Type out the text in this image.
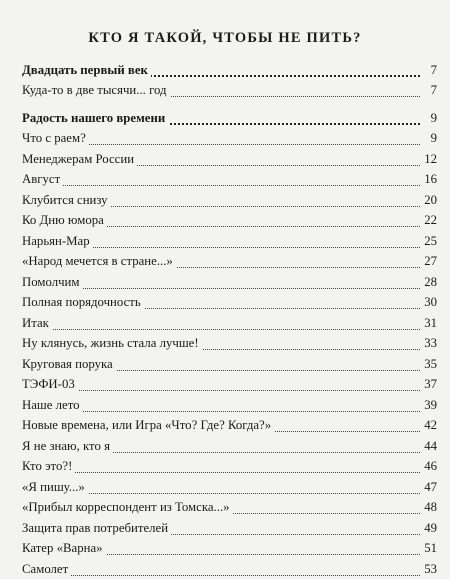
КТО Я ТАКОЙ, ЧТОБЫ НЕ ПИТЬ?
Двадцать первый век	7
Куда-то в две тысячи... год	7
Радость нашего времени	9
Что с раем?	9
Менеджерам России	12
Август	16
Клубится снизу	20
Ко Дню юмора	22
Нарьян-Мар	25
«Народ мечется в стране...»	27
Помолчим	28
Полная порядочность	30
Итак	31
Ну клянусь, жизнь стала лучше!	33
Круговая порука	35
ТЭФИ-03	37
Наше лето	39
Новые времена, или Игра «Что? Где? Когда?»	42
Я не знаю, кто я	44
Кто это?!	46
«Я пишу...»	47
«Прибыл корреспондент из Томска...»	48
Защита прав потребителей	49
Катер «Варна»	51
Самолет	53
